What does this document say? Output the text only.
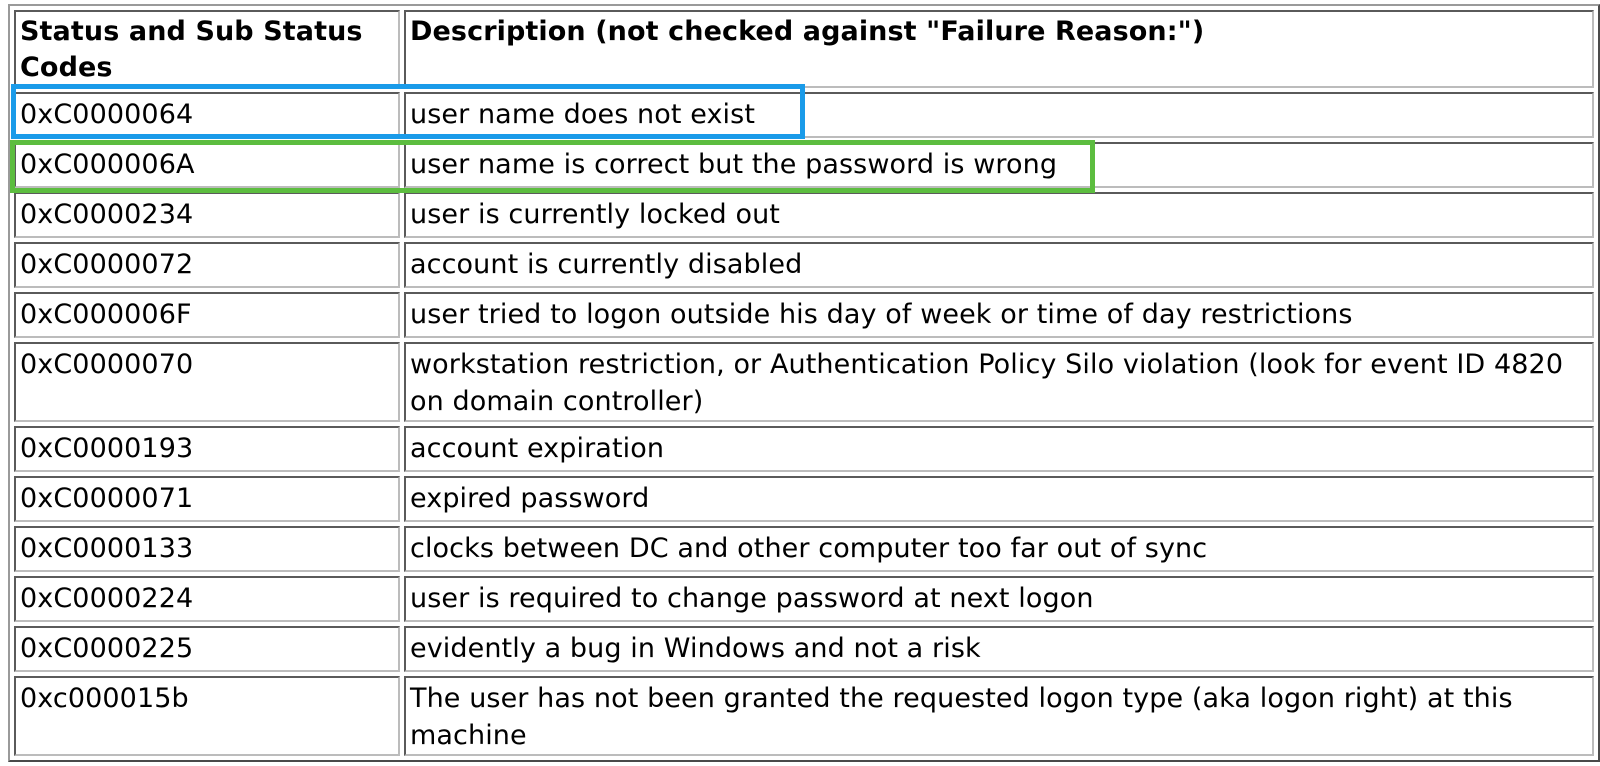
Status and Sub Status Codes	Description (not checked against "Failure Reason:")
0xC0000064	user name does not exist
0xC000006A	user name is correct but the password is wrong
0xC0000234	user is currently locked out
0xC0000072	account is currently disabled
0xC000006F	user tried to logon outside his day of week or time of day restrictions
0xC0000070	workstation restriction, or Authentication Policy Silo violation (look for event ID 4820 on domain controller)
0xC0000193	account expiration
0xC0000071	expired password
0xC0000133	clocks between DC and other computer too far out of sync
0xC0000224	user is required to change password at next logon
0xC0000225	evidently a bug in Windows and not a risk
0xc000015b	The user has not been granted the requested logon type (aka logon right) at this machine
